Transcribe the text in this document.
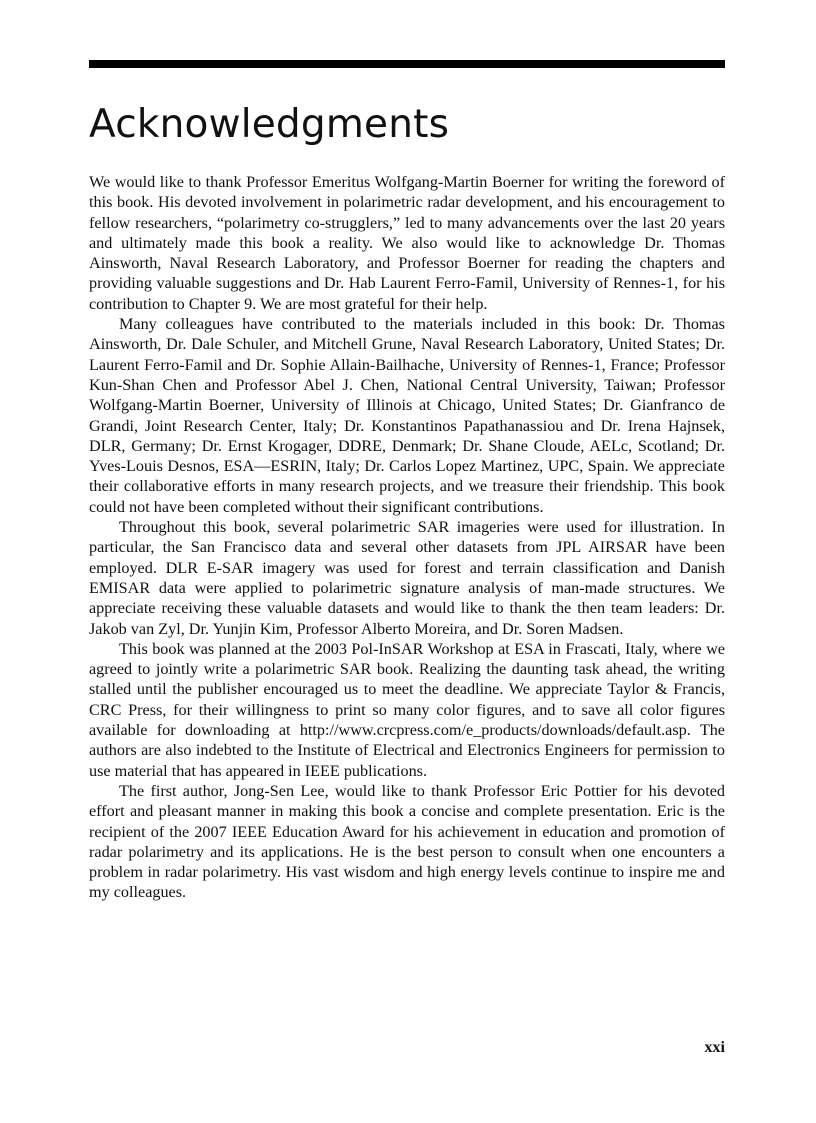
Acknowledgments

We would like to thank Professor Emeritus Wolfgang-Martin Boerner for writing the foreword of this book. His devoted involvement in polarimetric radar development, and his encouragement to fellow researchers, “polarimetry co-strugglers,” led to many advancements over the last 20 years and ultimately made this book a reality. We also would like to acknowledge Dr. Thomas Ainsworth, Naval Research Laboratory, and Professor Boerner for reading the chapters and providing valuable suggestions and Dr. Hab Laurent Ferro-Famil, University of Rennes-1, for his contribution to Chapter 9. We are most grateful for their help.

Many colleagues have contributed to the materials included in this book: Dr. Thomas Ainsworth, Dr. Dale Schuler, and Mitchell Grune, Naval Research Laboratory, United States; Dr. Laurent Ferro-Famil and Dr. Sophie Allain-Bailhache, University of Rennes-1, France; Professor Kun-Shan Chen and Professor Abel J. Chen, National Central University, Taiwan; Professor Wolfgang-Martin Boerner, University of Illinois at Chicago, United States; Dr. Gianfranco de Grandi, Joint Research Center, Italy; Dr. Konstantinos Papathanassiou and Dr. Irena Hajnsek, DLR, Germany; Dr. Ernst Krogager, DDRE, Denmark; Dr. Shane Cloude, AELc, Scotland; Dr. Yves-Louis Desnos, ESA—ESRIN, Italy; Dr. Carlos Lopez Martinez, UPC, Spain. We appreciate their collaborative efforts in many research projects, and we treasure their friendship. This book could not have been completed without their significant contributions.

Throughout this book, several polarimetric SAR imageries were used for illustration. In particular, the San Francisco data and several other datasets from JPL AIRSAR have been employed. DLR E-SAR imagery was used for forest and terrain classification and Danish EMISAR data were applied to polarimetric signature analysis of man-made structures. We appreciate receiving these valuable datasets and would like to thank the then team leaders: Dr. Jakob van Zyl, Dr. Yunjin Kim, Professor Alberto Moreira, and Dr. Soren Madsen.

This book was planned at the 2003 Pol-InSAR Workshop at ESA in Frascati, Italy, where we agreed to jointly write a polarimetric SAR book. Realizing the daunting task ahead, the writing stalled until the publisher encouraged us to meet the deadline. We appreciate Taylor & Francis, CRC Press, for their willingness to print so many color figures, and to save all color figures available for downloading at http://www.crcpress.com/e_products/downloads/default.asp. The authors are also indebted to the Institute of Electrical and Electronics Engineers for permission to use material that has appeared in IEEE publications.

The first author, Jong-Sen Lee, would like to thank Professor Eric Pottier for his devoted effort and pleasant manner in making this book a concise and complete presentation. Eric is the recipient of the 2007 IEEE Education Award for his achievement in education and promotion of radar polarimetry and its applications. He is the best person to consult when one encounters a problem in radar polarimetry. His vast wisdom and high energy levels continue to inspire me and my colleagues.

xxi
